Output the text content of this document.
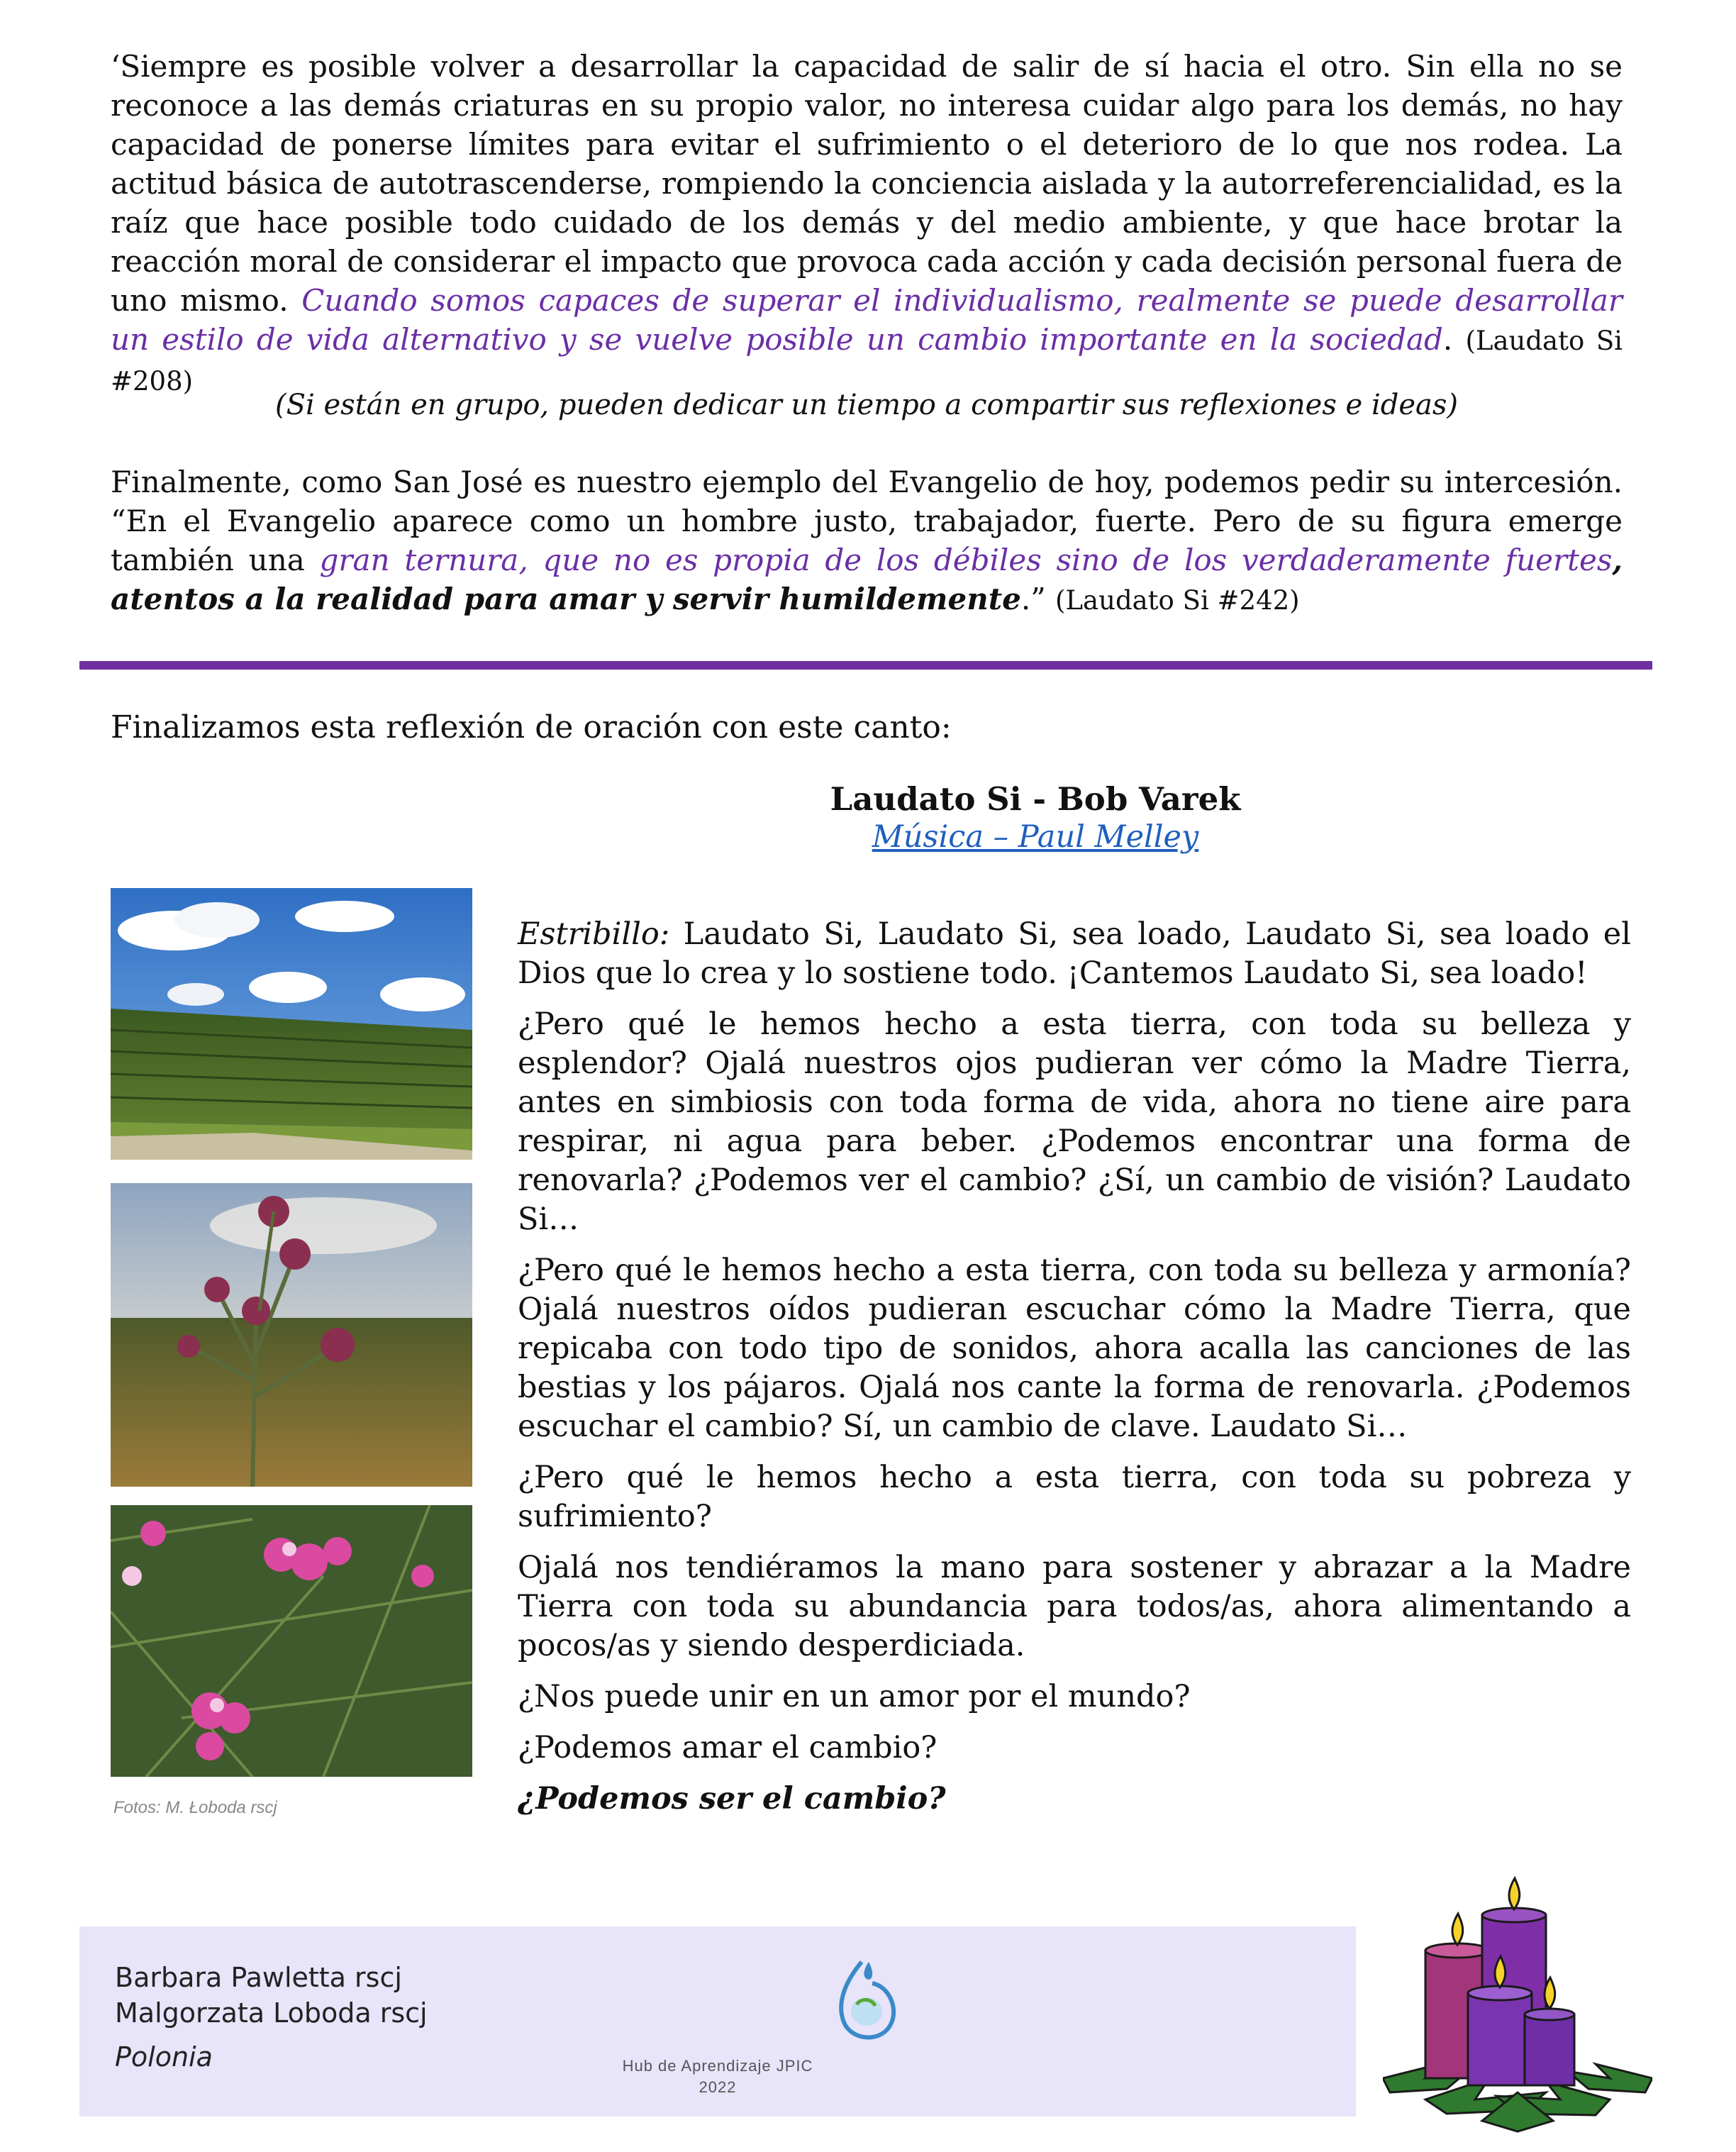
‘Siempre es posible volver a desarrollar la capacidad de salir de sí hacia el otro. Sin ella no se reconoce a las demás criaturas en su propio valor, no interesa cuidar algo para los demás, no hay capacidad de ponerse límites para evitar el sufrimiento o el deterioro de lo que nos rodea. La actitud básica de autotrascenderse, rompiendo la conciencia aislada y la autorreferencialidad, es la raíz que hace posible todo cuidado de los demás y del medio ambiente, y que hace brotar la reacción moral de considerar el impacto que provoca cada acción y cada decisión personal fuera de uno mismo. Cuando somos capaces de superar el individualismo, realmente se puede desarrollar un estilo de vida alternativo y se vuelve posible un cambio importante en la sociedad. (Laudato Si #208)
(Si están en grupo, pueden dedicar un tiempo a compartir sus reflexiones e ideas)
Finalmente, como San José es nuestro ejemplo del Evangelio de hoy, podemos pedir su intercesión. “En el Evangelio aparece como un hombre justo, trabajador, fuerte. Pero de su figura emerge también una gran ternura, que no es propia de los débiles sino de los verdaderamente fuertes, atentos a la realidad para amar y servir humildemente.” (Laudato Si #242)
Finalizamos esta reflexión de oración con este canto:
Laudato Si - Bob Varek
Música – Paul Melley
Fotos: M. Łoboda rscj

Estribillo: Laudato Si, Laudato Si, sea loado, Laudato Si, sea loado el Dios que lo crea y lo sostiene todo. ¡Cantemos Laudato Si, sea loado!

¿Pero qué le hemos hecho a esta tierra, con toda su belleza y esplendor? Ojalá nuestros ojos pudieran ver cómo la Madre Tierra, antes en simbiosis con toda forma de vida, ahora no tiene aire para respirar, ni agua para beber. ¿Podemos encontrar una forma de renovarla? ¿Podemos ver el cambio? ¿Sí, un cambio de visión? Laudato Si…

¿Pero qué le hemos hecho a esta tierra, con toda su belleza y armonía? Ojalá nuestros oídos pudieran escuchar cómo la Madre Tierra, que repicaba con todo tipo de sonidos, ahora acalla las canciones de las bestias y los pájaros. Ojalá nos cante la forma de renovarla. ¿Podemos escuchar el cambio? Sí, un cambio de clave. Laudato Si…

¿Pero qué le hemos hecho a esta tierra, con toda su pobreza y sufrimiento?

Ojalá nos tendiéramos la mano para sostener y abrazar a la Madre Tierra con toda su abundancia para todos/as, ahora alimentando a pocos/as y siendo desperdiciada.

¿Nos puede unir en un amor por el mundo?

¿Podemos amar el cambio?

¿Podemos ser el cambio?

Barbara Pawletta rscj
Malgorzata Loboda rscj
Polonia	Hub de Aprendizaje JPIC
2022
